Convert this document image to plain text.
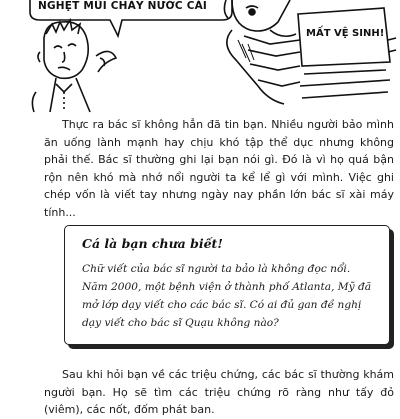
NGHẸT MŨI CHẢY NƯỚC CÁI
MẤT VỆ SINH!
Thực ra bác sĩ không hẳn đã tin bạn. Nhiều người bảo mình ăn uống lành mạnh hay chịu khó tập thể dục nhưng không phải thế. Bác sĩ thường ghi lại bạn nói gì. Đó là vì họ quá bận rộn nên khó mà nhớ nổi người ta kể lể gì với mình. Việc ghi chép vốn là viết tay nhưng ngày nay phần lớn bác sĩ xài máy tính...
Cá là bạn chưa biết!
Chữ viết của bác sĩ người ta bảo là không đọc nổi. Năm 2000, một bệnh viện ở thành phố Atlanta, Mỹ đã mở lớp dạy viết cho các bác sĩ. Có ai đủ gan đề nghị dạy viết cho bác sĩ Quạu không nào?
Sau khi hỏi bạn về các triệu chứng, các bác sĩ thường khám người bạn. Họ sẽ tìm các triệu chứng rõ ràng như tấy đỏ (viêm), các nốt, đốm phát ban.
